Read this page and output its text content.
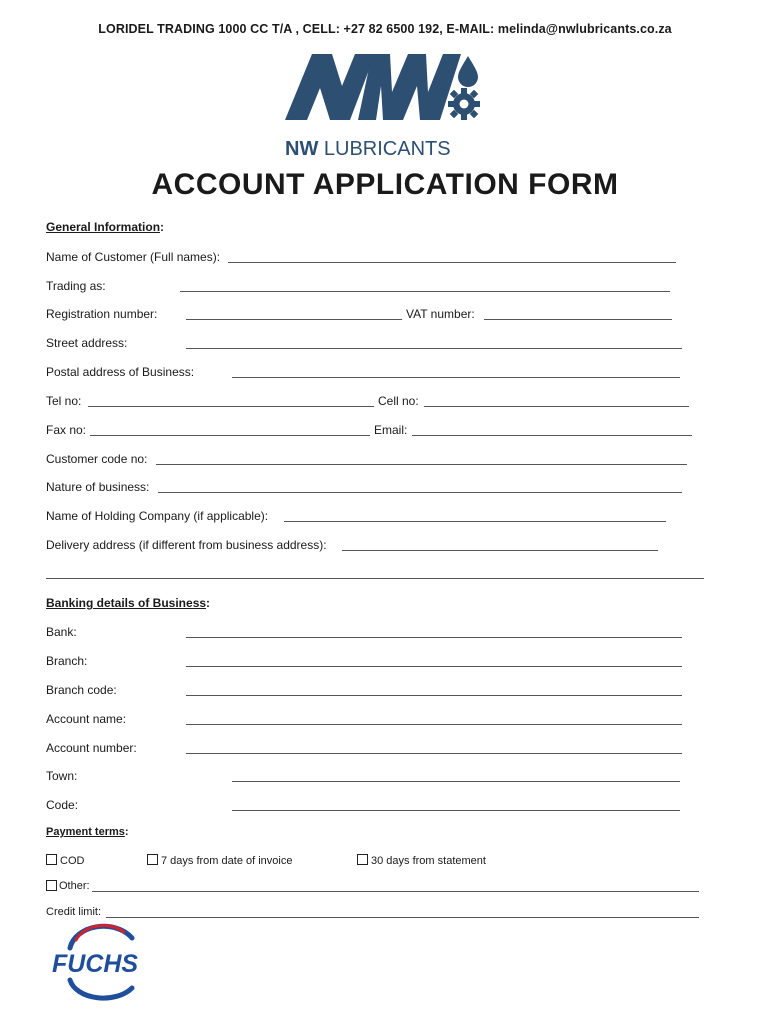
LORIDEL TRADING 1000 CC T/A , CELL: +27 82 6500 192, E-MAIL: melinda@nwlubricants.co.za
NW LUBRICANTS
ACCOUNT APPLICATION FORM
General Information:
Name of Customer (Full names):
Trading as:
Registration number:	VAT number:
Street address:
Postal address of Business:
Tel no:	Cell no:
Fax no:	Email:
Customer code no:
Nature of business:
Name of Holding Company (if applicable):
Delivery address (if different from business address):
Banking details of Business:
Bank:
Branch:
Branch code:
Account name:
Account number:
Town:
Code:
Payment terms:
COD	7 days from date of invoice	30 days from statement
Other:
Credit limit:
FUCHS
